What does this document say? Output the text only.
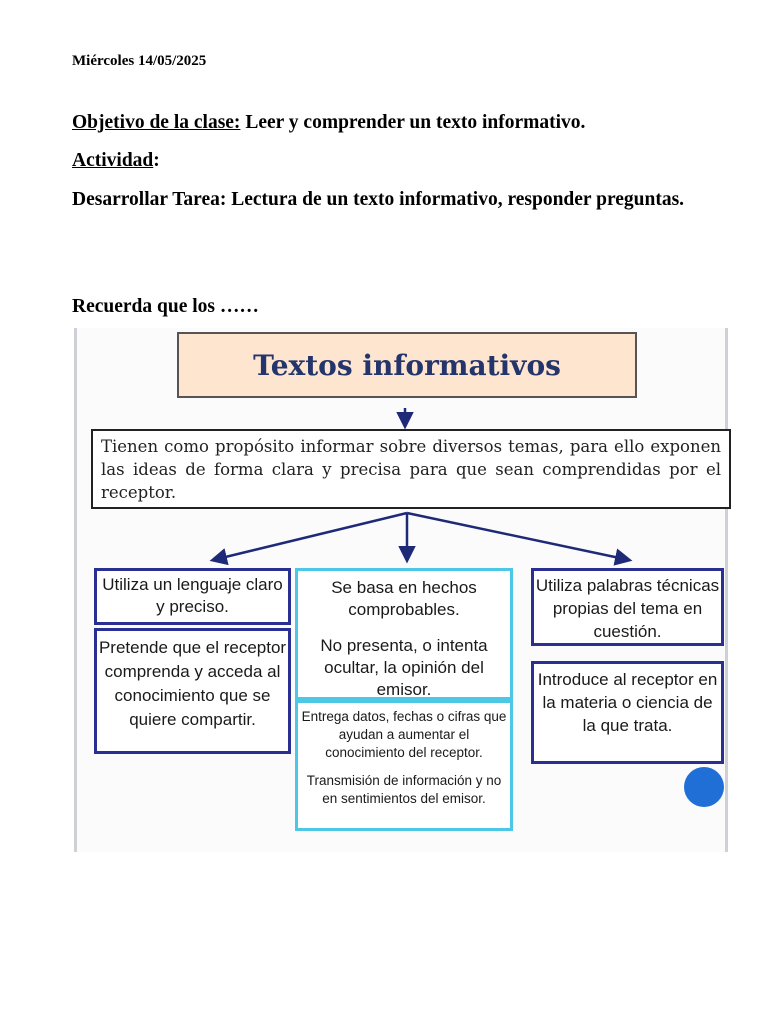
Miércoles 14/05/2025
Objetivo de la clase: Leer y comprender un texto informativo.
Actividad:
Desarrollar Tarea: Lectura de un texto informativo, responder preguntas.
Recuerda que los ……
Textos informativos
Tienen como propósito informar sobre diversos temas, para ello exponen las ideas de forma clara y precisa para que sean comprendidas por el receptor.
Utiliza un lenguaje claro y preciso.
Pretende que el receptor comprenda y acceda al conocimiento que se quiere compartir.

Se basa en hechos comprobables.

No presenta, o intenta ocultar, la opinión del emisor.

Entrega datos, fechas o cifras que ayudan a aumentar el conocimiento del receptor.

Transmisión de información y no en sentimientos del emisor.

Utiliza palabras técnicas propias del tema en cuestión.
Introduce al receptor en la materia o ciencia de la que trata.
